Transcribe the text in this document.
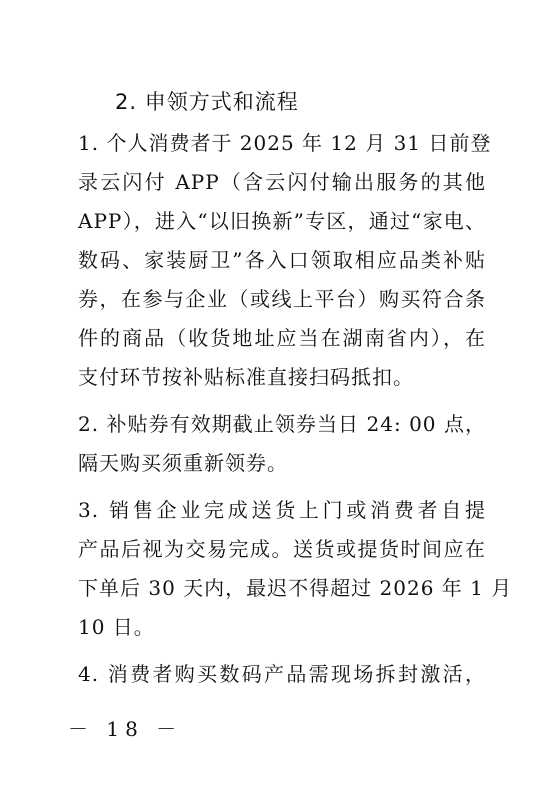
2. 申领方式和流程
1. 个人消费者于 2025 年 12 月 31 日前登
录云闪付 APP（含云闪付输出服务的其他
APP），进入“以旧换新”专区，通过“家电、
数码、家装厨卫”各入口领取相应品类补贴
券，在参与企业（或线上平台）购买符合条
件的商品（收货地址应当在湖南省内），在
支付环节按补贴标准直接扫码抵扣。
2. 补贴券有效期截止领券当日 24: 00 点，
隔天购买须重新领券。
3. 销售企业完成送货上门或消费者自提
产品后视为交易完成。送货或提货时间应在
下单后 30 天内，最迟不得超过 2026 年 1 月
10 日。
4. 消费者购买数码产品需现场拆封激活，
－ 18 －
